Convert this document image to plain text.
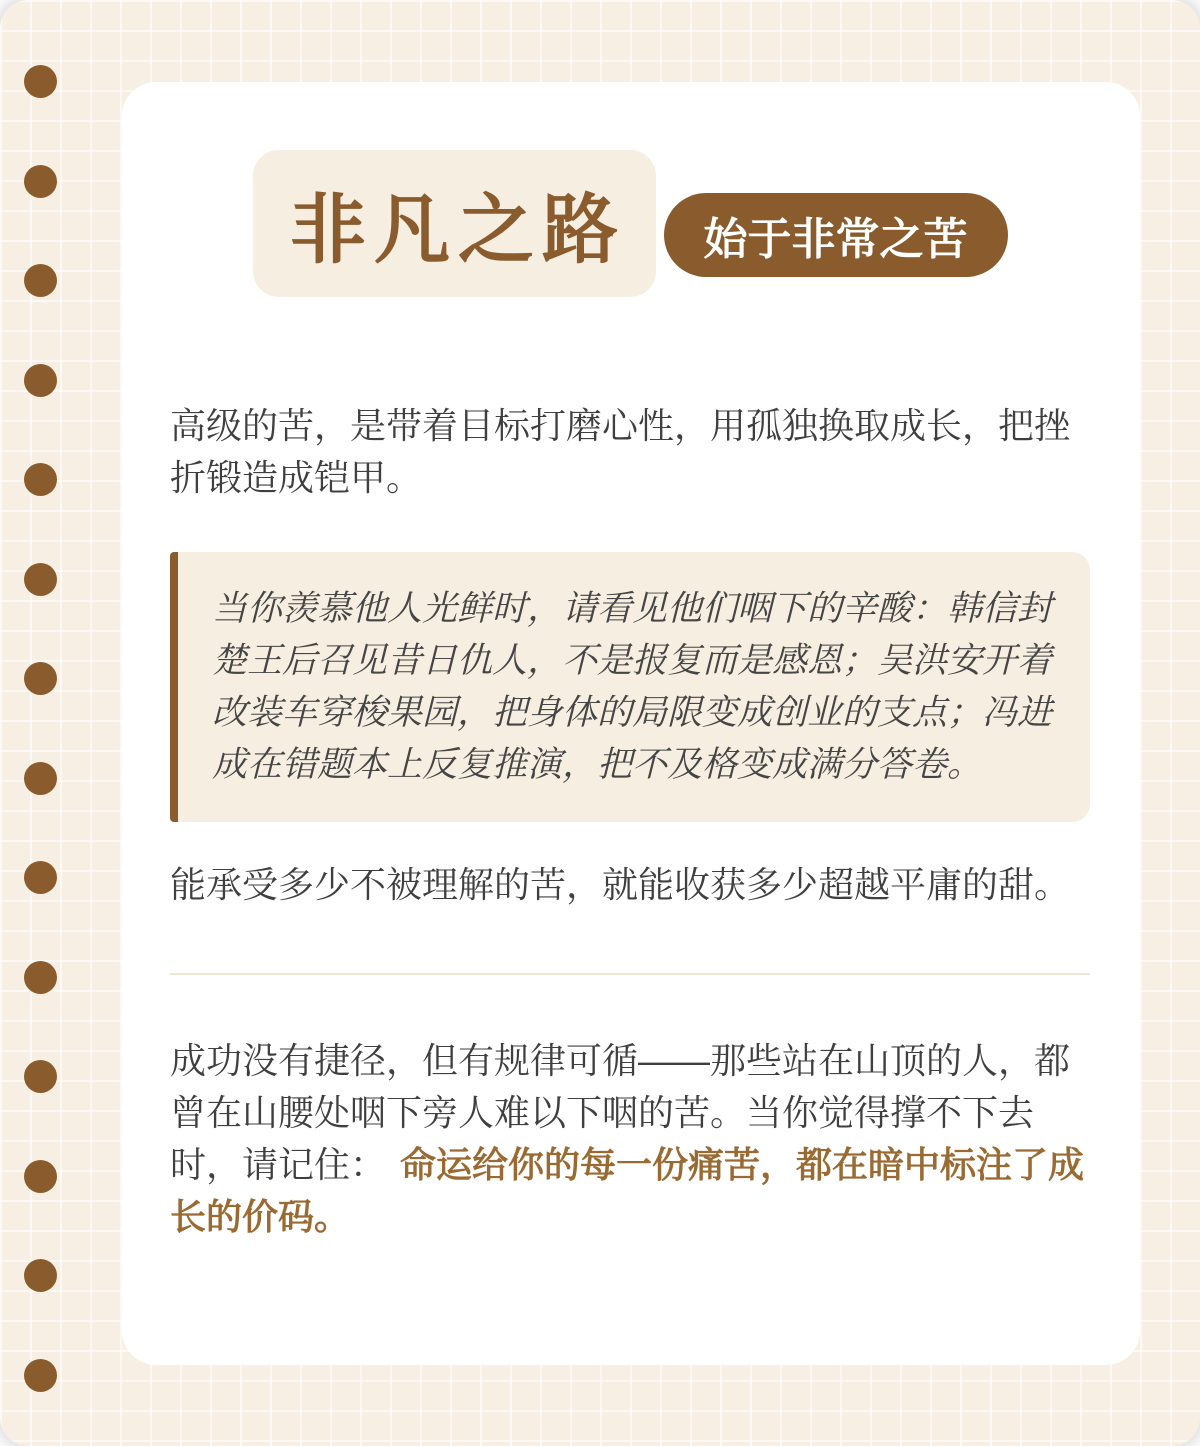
非凡之路 始于非常之苦

高级的苦，是带着目标打磨心性，用孤独换取成长，把挫折锻造成铠甲。

当你羡慕他人光鲜时，请看见他们咽下的辛酸：韩信封楚王后召见昔日仇人，不是报复而是感恩；吴洪安开着改装车穿梭果园，把身体的局限变成创业的支点；冯进成在错题本上反复推演，把不及格变成满分答卷。

能承受多少不被理解的苦，就能收获多少超越平庸的甜。

成功没有捷径，但有规律可循——那些站在山顶的人，都曾在山腰处咽下旁人难以下咽的苦。当你觉得撑不下去时，请记住： 命运给你的每一份痛苦，都在暗中标注了成长的价码。
